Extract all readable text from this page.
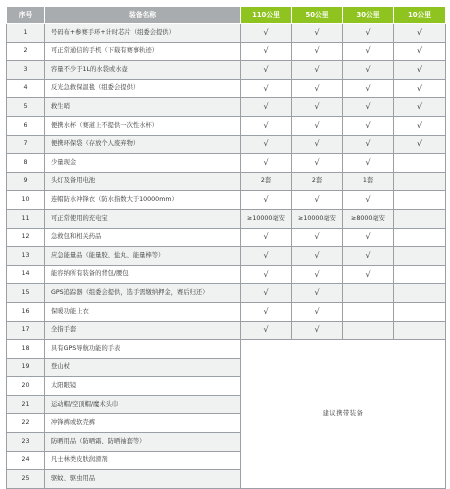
序号	装备名称	110公里	50公里	30公里	10公里
1	号码布+参赛手环+计时芯片（组委会提供）	√	√	√	√
2	可正常通信的手机（下载有赛事轨迹）	√	√	√	√
3	容量不少于1L的水袋或水壶	√	√	√	√
4	反光急救保温毯（组委会提供）	√	√	√	√
5	救生哨	√	√	√	√
6	便携水杯（赛道上不提供一次性水杯）	√	√	√	√
7	便携环保袋（存放个人废弃物）	√	√	√	√
8	少量现金	√	√	√	
9	头灯及备用电池	2套	2套	1套	
10	连帽防水冲锋衣（防水指数大于10000mm）	√	√	√	
11	可正常使用的充电宝	≥10000毫安	≥10000毫安	≥8000毫安	
12	急救包和相关药品	√	√	√	
13	应急能量品（能量胶、盐丸、能量棒等）	√	√	√	
14	能容纳所有装备的背包/腰包	√	√	√	
15	GPS追踪器（组委会提供，选手需缴纳押金，赛后归还）	√	√		
16	保暖功能上衣	√	√		
17	全指手套	√	√		
18	具有GPS导航功能的手表	建议携带装备			
19	登山杖				
20	太阳眼镜				
21	运动帽/空顶帽/魔术头巾				
22	冲锋裤或软壳裤				
23	防晒用品（防晒霜、防晒袖套等）				
24	凡士林类皮肤润滑剂				
25	驱蚊、驱虫用品				
